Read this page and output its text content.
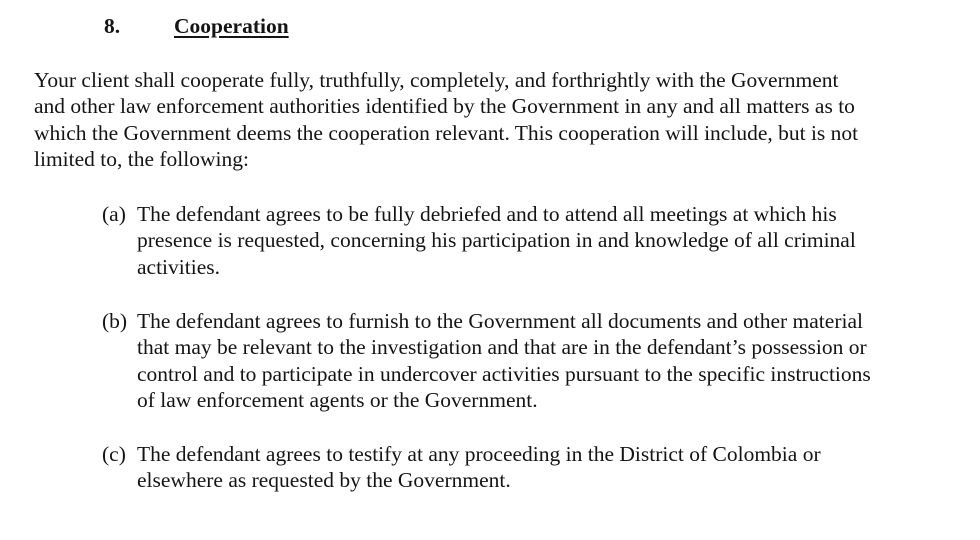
8.	Cooperation

Your client shall cooperate fully, truthfully, completely, and forthrightly with the Government
and other law enforcement authorities identified by the Government in any and all matters as to
which the Government deems the cooperation relevant. This cooperation will include, but is not
limited to, the following:

(a) The defendant agrees to be fully debriefed and to attend all meetings at which his
presence is requested, concerning his participation in and knowledge of all criminal
activities.
(b) The defendant agrees to furnish to the Government all documents and other material
that may be relevant to the investigation and that are in the defendant’s possession or
control and to participate in undercover activities pursuant to the specific instructions
of law enforcement agents or the Government.
(c) The defendant agrees to testify at any proceeding in the District of Colombia or
elsewhere as requested by the Government.
